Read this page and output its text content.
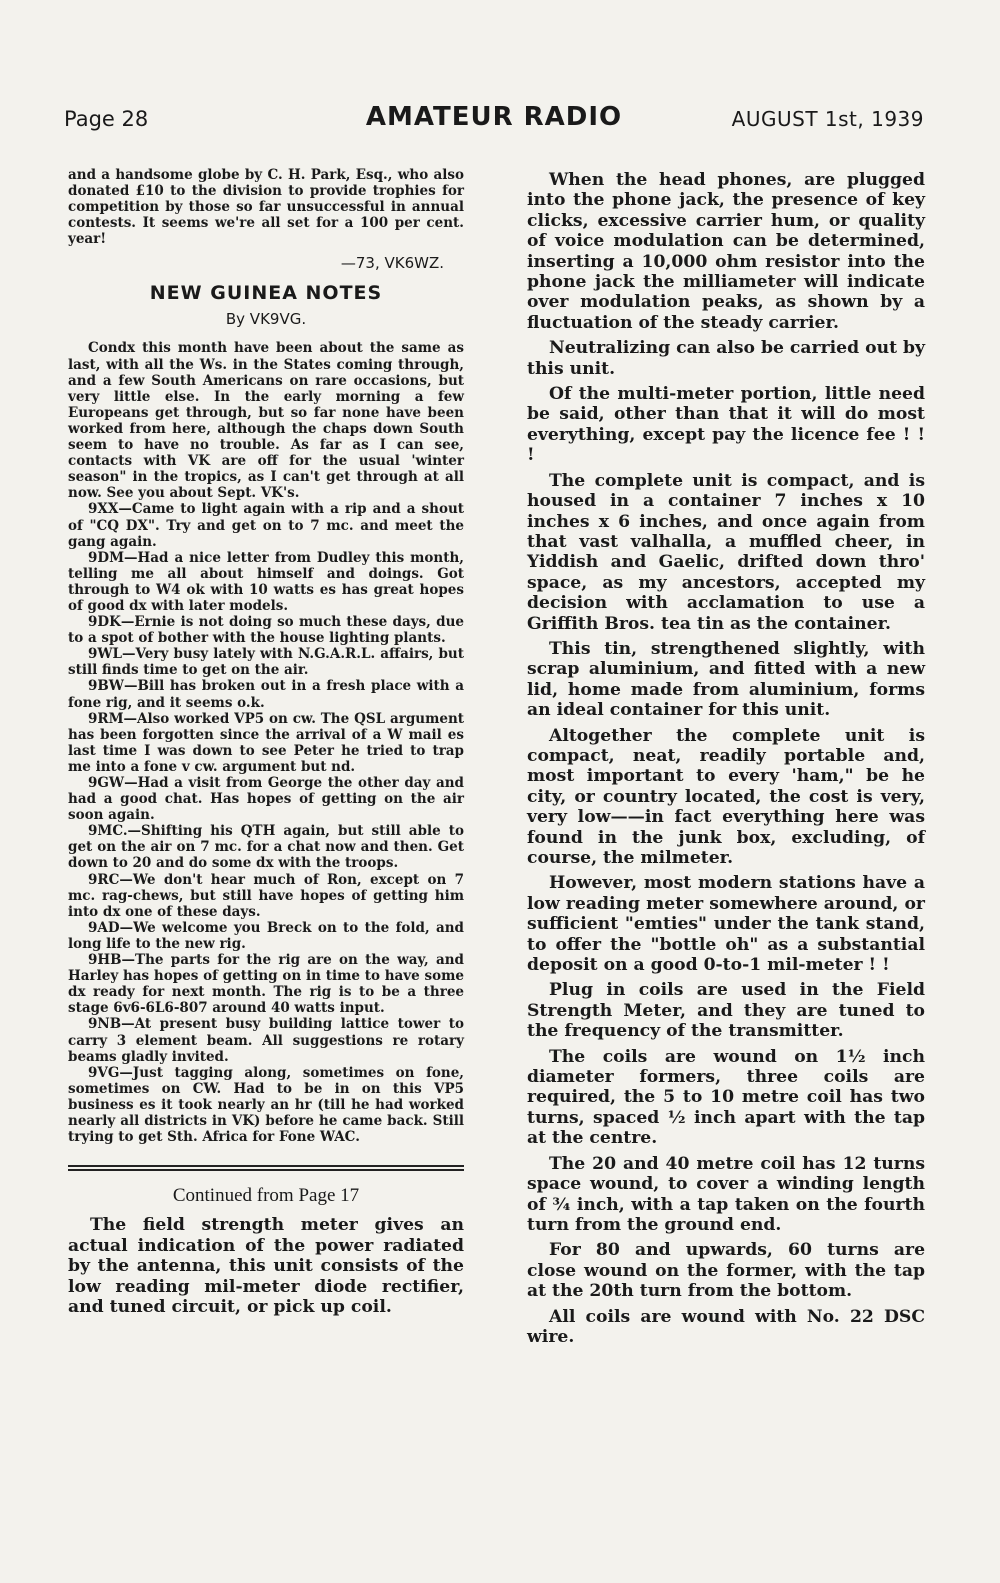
Page 28	AMATEUR RADIO	AUGUST 1st, 1939

and a handsome globe by C. H. Park, Esq., who also donated £10 to the division to provide trophies for competition by those so far unsuccessful in annual contests. It seems we're all set for a 100 per cent. year!

—73, VK6WZ.
NEW GUINEA NOTES
By VK9VG.

Condx this month have been about the same as last, with all the Ws. in the States coming through, and a few South Americans on rare occasions, but very little else. In the early morning a few Europeans get through, but so far none have been worked from here, although the chaps down South seem to have no trouble. As far as I can see, contacts with VK are off for the usual 'winter season" in the tropics, as I can't get through at all now. See you about Sept. VK's.

9XX—Came to light again with a rip and a shout of "CQ DX". Try and get on to 7 mc. and meet the gang again.

9DM—Had a nice letter from Dudley this month, telling me all about himself and doings. Got through to W4 ok with 10 watts es has great hopes of good dx with later models.

9DK—Ernie is not doing so much these days, due to a spot of bother with the house lighting plants.

9WL—Very busy lately with N.G.A.R.L. affairs, but still finds time to get on the air.

9BW—Bill has broken out in a fresh place with a fone rig, and it seems o.k.

9RM—Also worked VP5 on cw. The QSL argument has been forgotten since the arrival of a W mail es last time I was down to see Peter he tried to trap me into a fone v cw. argument but nd.

9GW—Had a visit from George the other day and had a good chat. Has hopes of getting on the air soon again.

9MC.—Shifting his QTH again, but still able to get on the air on 7 mc. for a chat now and then. Get down to 20 and do some dx with the troops.

9RC—We don't hear much of Ron, except on 7 mc. rag-chews, but still have hopes of getting him into dx one of these days.

9AD—We welcome you Breck on to the fold, and long life to the new rig.

9HB—The parts for the rig are on the way, and Harley has hopes of getting on in time to have some dx ready for next month. The rig is to be a three stage 6v6-6L6-807 around 40 watts input.

9NB—At present busy building lattice tower to carry 3 element beam. All suggestions re rotary beams gladly invited.

9VG—Just tagging along, sometimes on fone, sometimes on CW. Had to be in on this VP5 business es it took nearly an hr (till he had worked nearly all districts in VK) before he came back. Still trying to get Sth. Africa for Fone WAC.

Continued from Page 17

The field strength meter gives an actual indication of the power radiated by the antenna, this unit consists of the low reading mil-meter diode rectifier, and tuned circuit, or pick up coil.

When the head phones, are plugged into the phone jack, the presence of key clicks, excessive carrier hum, or quality of voice modulation can be determined, inserting a 10,000 ohm resistor into the phone jack the milliameter will indicate over modulation peaks, as shown by a fluctuation of the steady carrier.

Neutralizing can also be carried out by this unit.

Of the multi-meter portion, little need be said, other than that it will do most everything, except pay the licence fee ! ! !

The complete unit is compact, and is housed in a container 7 inches x 10 inches x 6 inches, and once again from that vast valhalla, a muffled cheer, in Yiddish and Gaelic, drifted down thro' space, as my ancestors, accepted my decision with acclamation to use a Griffith Bros. tea tin as the container.

This tin, strengthened slightly, with scrap aluminium, and fitted with a new lid, home made from aluminium, forms an ideal container for this unit.

Altogether the complete unit is compact, neat, readily portable and, most important to every 'ham," be he city, or country located, the cost is very, very low——in fact everything here was found in the junk box, excluding, of course, the milmeter.

However, most modern stations have a low reading meter somewhere around, or sufficient "emties" under the tank stand, to offer the "bottle oh" as a substantial deposit on a good 0-to-1 mil-meter ! !

Plug in coils are used in the Field Strength Meter, and they are tuned to the frequency of the transmitter.

The coils are wound on 1½ inch diameter formers, three coils are required, the 5 to 10 metre coil has two turns, spaced ½ inch apart with the tap at the centre.

The 20 and 40 metre coil has 12 turns space wound, to cover a winding length of ¾ inch, with a tap taken on the fourth turn from the ground end.

For 80 and upwards, 60 turns are close wound on the former, with the tap at the 20th turn from the bottom.

All coils are wound with No. 22 DSC wire.
